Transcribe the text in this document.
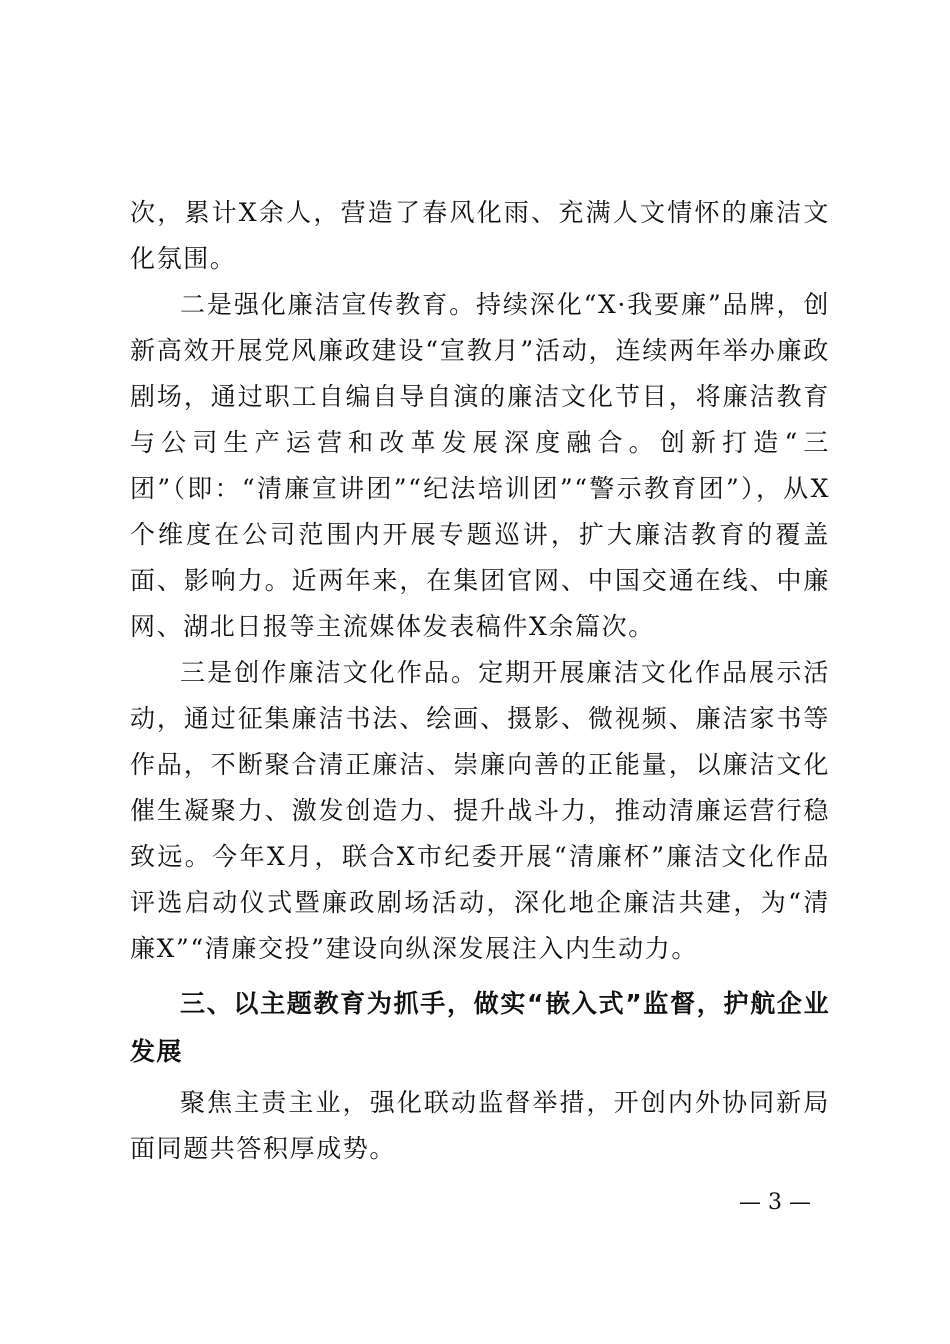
次，累计X余人，营造了春风化雨、充满人文情怀的廉洁文化氛围。

二是强化廉洁宣传教育。持续深化“X·我要廉”品牌，创新高效开展党风廉政建设“宣教月”活动，连续两年举办廉政剧场，通过职工自编自导自演的廉洁文化节目，将廉洁教育与公司生产运营和改革发展深度融合。创新打造“三团”（即：“清廉宣讲团”“纪法培训团”“警示教育团”），从X个维度在公司范围内开展专题巡讲，扩大廉洁教育的覆盖面、影响力。近两年来，在集团官网、中国交通在线、中廉网、湖北日报等主流媒体发表稿件X余篇次。

三是创作廉洁文化作品。定期开展廉洁文化作品展示活动，通过征集廉洁书法、绘画、摄影、微视频、廉洁家书等作品，不断聚合清正廉洁、崇廉向善的正能量，以廉洁文化催生凝聚力、激发创造力、提升战斗力，推动清廉运营行稳致远。今年X月，联合X市纪委开展“清廉杯”廉洁文化作品评选启动仪式暨廉政剧场活动，深化地企廉洁共建，为“清廉X”“清廉交投”建设向纵深发展注入内生动力。

三、以主题教育为抓手，做实“嵌入式”监督，护航企业发展

聚焦主责主业，强化联动监督举措，开创内外协同新局面同题共答积厚成势。

— 3 —
